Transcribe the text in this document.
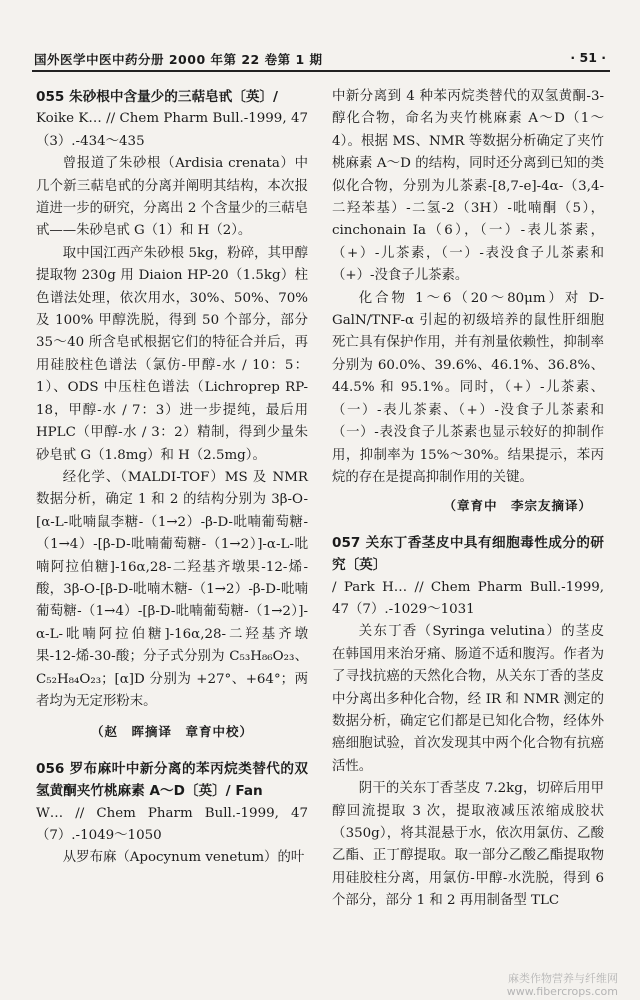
国外医学中医中药分册 2000 年第 22 卷第 1 期	· 51 ·
055 朱砂根中含量少的三萜皂甙〔英〕/
Koike K… // Chem Pharm Bull.-1999, 47（3）.-434～435

曾报道了朱砂根（Ardisia crenata）中几个新三萜皂甙的分离并阐明其结构，本次报道进一步的研究，分离出 2 个含量少的三萜皂甙——朱砂皂甙 G（1）和 H（2）。

取中国江西产朱砂根 5kg，粉碎，其甲醇提取物 230g 用 Diaion HP-20（1.5kg）柱色谱法处理，依次用水，30%、50%、70% 及 100% 甲醇洗脱，得到 50 个部分，部分 35～40 所含皂甙根据它们的特征合并后，再用硅胶柱色谱法（氯仿-甲醇-水 / 10：5：1）、ODS 中压柱色谱法（Lichroprep RP-18，甲醇-水 / 7：3）进一步提纯，最后用 HPLC（甲醇-水 / 3：2）精制，得到少量朱砂皂甙 G（1.8mg）和 H（2.5mg）。

经化学、（MALDI-TOF）MS 及 NMR 数据分析，确定 1 和 2 的结构分别为 3β-O-[α-L-吡喃鼠李糖-（1→2）-β-D-吡喃葡萄糖-（1→4）-[β-D-吡喃葡萄糖-（1→2）]-α-L-吡喃阿拉伯糖]-16α,28-二羟基齐墩果-12-烯-酸，3β-O-[β-D-吡喃木糖-（1→2）-β-D-吡喃葡萄糖-（1→4）-[β-D-吡喃葡萄糖-（1→2）]-α-L-吡喃阿拉伯糖]-16α,28-二羟基齐墩果-12-烯-30-酸；分子式分别为 C₅₃H₈₆O₂₃、C₅₂H₈₄O₂₃；[α]D 分别为 +27°、+64°；两者均为无定形粉末。

（赵　晖摘译　章育中校）
056 罗布麻叶中新分离的苯丙烷类替代的双氢黄酮夹竹桃麻素 A～D〔英〕/ Fan
W… // Chem Pharm Bull.-1999, 47（7）.-1049～1050

从罗布麻（Apocynum venetum）的叶

中新分离到 4 种苯丙烷类替代的双氢黄酮-3-醇化合物，命名为夹竹桃麻素 A～D（1～4）。根据 MS、NMR 等数据分析确定了夹竹桃麻素 A～D 的结构，同时还分离到已知的类似化合物，分别为儿茶素-[8,7-e]-4α-（3,4-二羟苯基）-二氢-2（3H）-吡喃酮（5），cinchonain Ia（6），（一）-表儿茶素，（+）-儿茶素，（一）-表没食子儿茶素和（+）-没食子儿茶素。

化合物 1～6（20～80μm）对 D-GalN/TNF-α 引起的初级培养的鼠性肝细胞死亡具有保护作用，并有剂量依赖性，抑制率分别为 60.0%、39.6%、46.1%、36.8%、44.5% 和 95.1%。同时，（+）-儿茶素、（一）-表儿茶素、（+）-没食子儿茶素和（一）-表没食子儿茶素也显示较好的抑制作用，抑制率为 15%～30%。结果提示，苯丙烷的存在是提高抑制作用的关键。

（章育中　李宗友摘译）
057 关东丁香茎皮中具有细胞毒性成分的研究〔英〕
/ Park H… // Chem Pharm Bull.-1999, 47（7）.-1029～1031

关东丁香（Syringa velutina）的茎皮在韩国用来治牙痛、肠道不适和腹泻。作者为了寻找抗癌的天然化合物，从关东丁香的茎皮中分离出多种化合物，经 IR 和 NMR 测定的数据分析，确定它们都是已知化合物，经体外癌细胞试验，首次发现其中两个化合物有抗癌活性。

阴干的关东丁香茎皮 7.2kg，切碎后用甲醇回流提取 3 次，提取液减压浓缩成胶状（350g），将其混悬于水，依次用氯仿、乙酸乙酯、正丁醇提取。取一部分乙酸乙酯提取物用硅胶柱分离，用氯仿-甲醇-水洗脱，得到 6 个部分，部分 1 和 2 再用制备型 TLC

麻类作物营养与纤维网
www.fibercrops.com
